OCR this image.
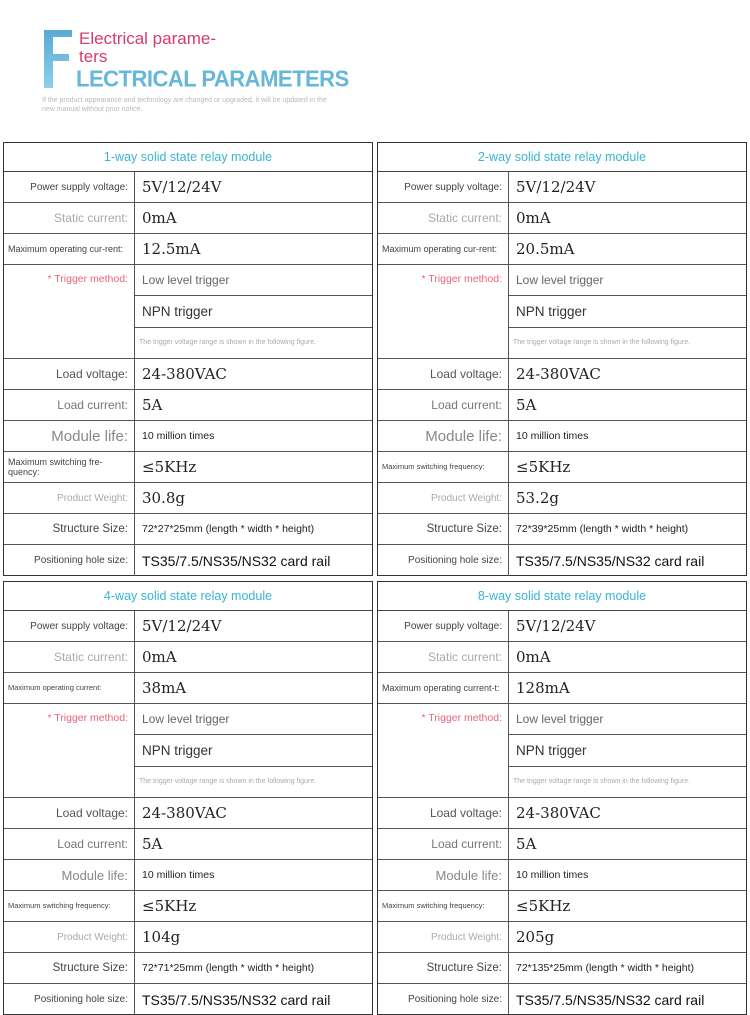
Electrical parame-
ters
LECTRICAL PARAMETERS
If the product appearance and technology are changed or upgraded, it will be updated in the
new manual without prior notice.
1-way solid state relay module
Power supply voltage: 5V/12/24V
Static current: 0mA
Maximum operating cur-rent:	12.5mA
* Trigger method:	Low level trigger
NPN trigger
The trigger voltage range is shown in the following figure.
Load voltage: 24-380VAC
Load current: 5A
Module life:	10 million times
Maximum switching fre-quency:	≤5KHz
Product Weight: 30.8g
Structure Size:	72*27*25mm (length * width * height)
Positioning hole size:	TS35/7.5/NS35/NS32 card rail
2-way solid state relay module
Power supply voltage: 5V/12/24V
Static current: 0mA
Maximum operating cur-rent:	20.5mA
* Trigger method:	Low level trigger
NPN trigger
The trigger voltage range is shown in the following figure.
Load voltage: 24-380VAC
Load current: 5A
Module life:	10 million times
Maximum switching frequency:	≤5KHz
Product Weight: 53.2g
Structure Size:	72*39*25mm (length * width * height)
Positioning hole size:	TS35/7.5/NS35/NS32 card rail
4-way solid state relay module
Power supply voltage: 5V/12/24V
Static current: 0mA
Maximum operating current:	38mA
* Trigger method:	Low level trigger
NPN trigger
The trigger voltage range is shown in the following figure.
Load voltage: 24-380VAC
Load current: 5A
Module life:	10 million times
Maximum switching frequency:	≤5KHz
Product Weight: 104g
Structure Size:	72*71*25mm (length * width * height)
Positioning hole size:	TS35/7.5/NS35/NS32 card rail
8-way solid state relay module
Power supply voltage: 5V/12/24V
Static current: 0mA
Maximum operating current-t:	128mA
* Trigger method:	Low level trigger
NPN trigger
The trigger voltage range is shown in the following figure.
Load voltage: 24-380VAC
Load current: 5A
Module life:	10 million times
Maximum switching frequency:	≤5KHz
Product Weight: 205g
Structure Size:	72*135*25mm (length * width * height)
Positioning hole size:	TS35/7.5/NS35/NS32 card rail
